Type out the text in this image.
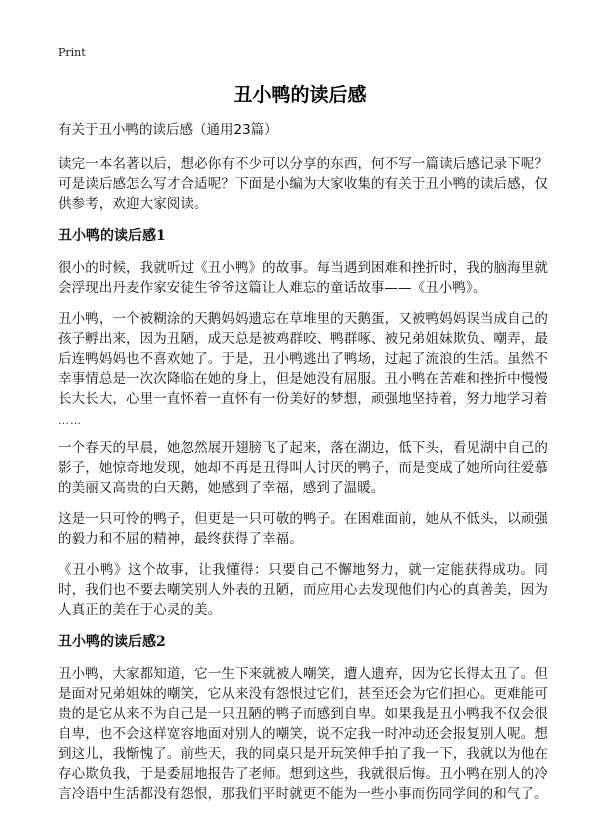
Print
丑小鸭的读后感

有关于丑小鸭的读后感（通用23篇）

读完一本名著以后，想必你有不少可以分享的东西，何不写一篇读后感记录下呢？可是读后感怎么写才合适呢？下面是小编为大家收集的有关于丑小鸭的读后感，仅供参考，欢迎大家阅读。

丑小鸭的读后感1

很小的时候，我就听过《丑小鸭》的故事。每当遇到困难和挫折时，我的脑海里就会浮现出丹麦作家安徒生爷爷这篇让人难忘的童话故事——《丑小鸭》。

丑小鸭，一个被糊涂的天鹅妈妈遗忘在草堆里的天鹅蛋，又被鸭妈妈误当成自己的孩子孵出来，因为丑陋，成天总是被鸡群咬、鸭群啄、被兄弟姐妹欺负、嘲弄，最后连鸭妈妈也不喜欢她了。于是，丑小鸭逃出了鸭场，过起了流浪的生活。虽然不幸事情总是一次次降临在她的身上，但是她没有屈服。丑小鸭在苦难和挫折中慢慢长大长大，心里一直怀着一直怀有一份美好的梦想，顽强地坚持着，努力地学习着

……

一个春天的早晨，她忽然展开翅膀飞了起来，落在湖边，低下头，看见湖中自己的影子，她惊奇地发现，她却不再是丑得叫人讨厌的鸭子，而是变成了她所向往爱慕的美丽又高贵的白天鹅，她感到了幸福，感到了温暖。

这是一只可怜的鸭子，但更是一只可敬的鸭子。在困难面前，她从不低头，以顽强的毅力和不屈的精神，最终获得了幸福。

《丑小鸭》这个故事，让我懂得：只要自己不懈地努力，就一定能获得成功。同时，我们也不要去嘲笑别人外表的丑陋，而应用心去发现他们内心的真善美，因为人真正的美在于心灵的美。

丑小鸭的读后感2

丑小鸭，大家都知道，它一生下来就被人嘲笑，遭人遗弃，因为它长得太丑了。但是面对兄弟姐妹的嘲笑，它从来没有怨恨过它们，甚至还会为它们担心。更难能可贵的是它从来不为自己是一只丑陋的鸭子而感到自卑。如果我是丑小鸭我不仅会很自卑，也不会这样宽容地面对别人的嘲笑，说不定我一时冲动还会报复别人呢。想到这儿，我惭愧了。前些天，我的同桌只是开玩笑伸手拍了我一下，我就以为他在存心欺负我，于是委屈地报告了老师。想到这些，我就很后悔。丑小鸭在别人的冷言冷语中生活都没有怨恨，那我们平时就更不能为一些小事而伤同学间的和气了。
